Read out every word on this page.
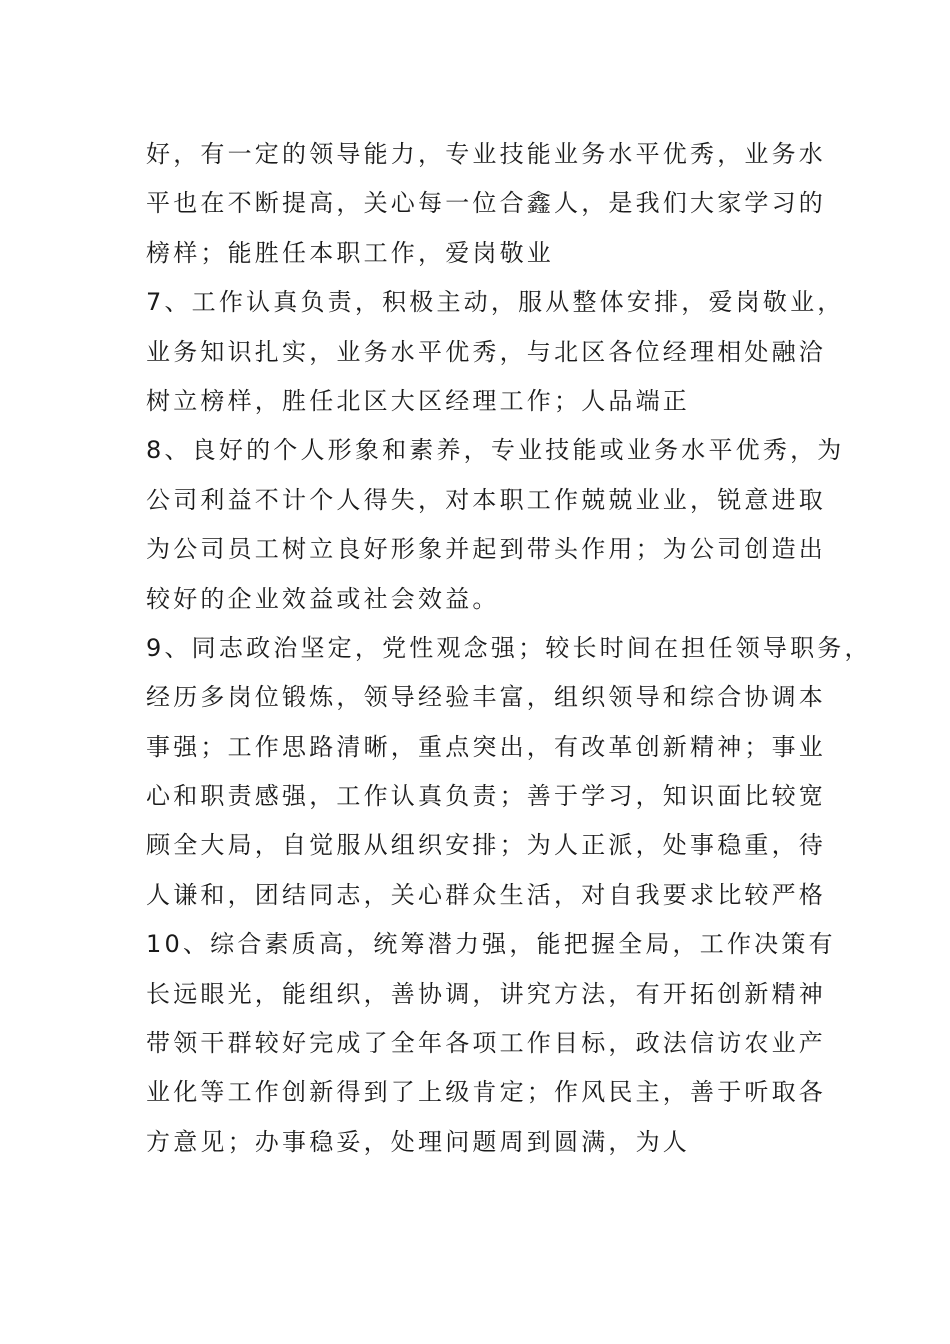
好，有一定的领导能力，专业技能业务水平优秀，业务水
平也在不断提高，关心每一位合鑫人，是我们大家学习的
榜样；能胜任本职工作，爱岗敬业
7、工作认真负责，积极主动，服从整体安排，爱岗敬业，
业务知识扎实，业务水平优秀，与北区各位经理相处融洽
树立榜样，胜任北区大区经理工作；人品端正
8、良好的个人形象和素养，专业技能或业务水平优秀，为
公司利益不计个人得失，对本职工作兢兢业业，锐意进取
为公司员工树立良好形象并起到带头作用；为公司创造出
较好的企业效益或社会效益。
9、同志政治坚定，党性观念强；较长时间在担任领导职务，
经历多岗位锻炼，领导经验丰富，组织领导和综合协调本
事强；工作思路清晰，重点突出，有改革创新精神；事业
心和职责感强，工作认真负责；善于学习，知识面比较宽
顾全大局，自觉服从组织安排；为人正派，处事稳重，待
人谦和，团结同志，关心群众生活，对自我要求比较严格
10、综合素质高，统筹潜力强，能把握全局，工作决策有
长远眼光，能组织，善协调，讲究方法，有开拓创新精神
带领干群较好完成了全年各项工作目标，政法信访农业产
业化等工作创新得到了上级肯定；作风民主，善于听取各
方意见；办事稳妥，处理问题周到圆满，为人
